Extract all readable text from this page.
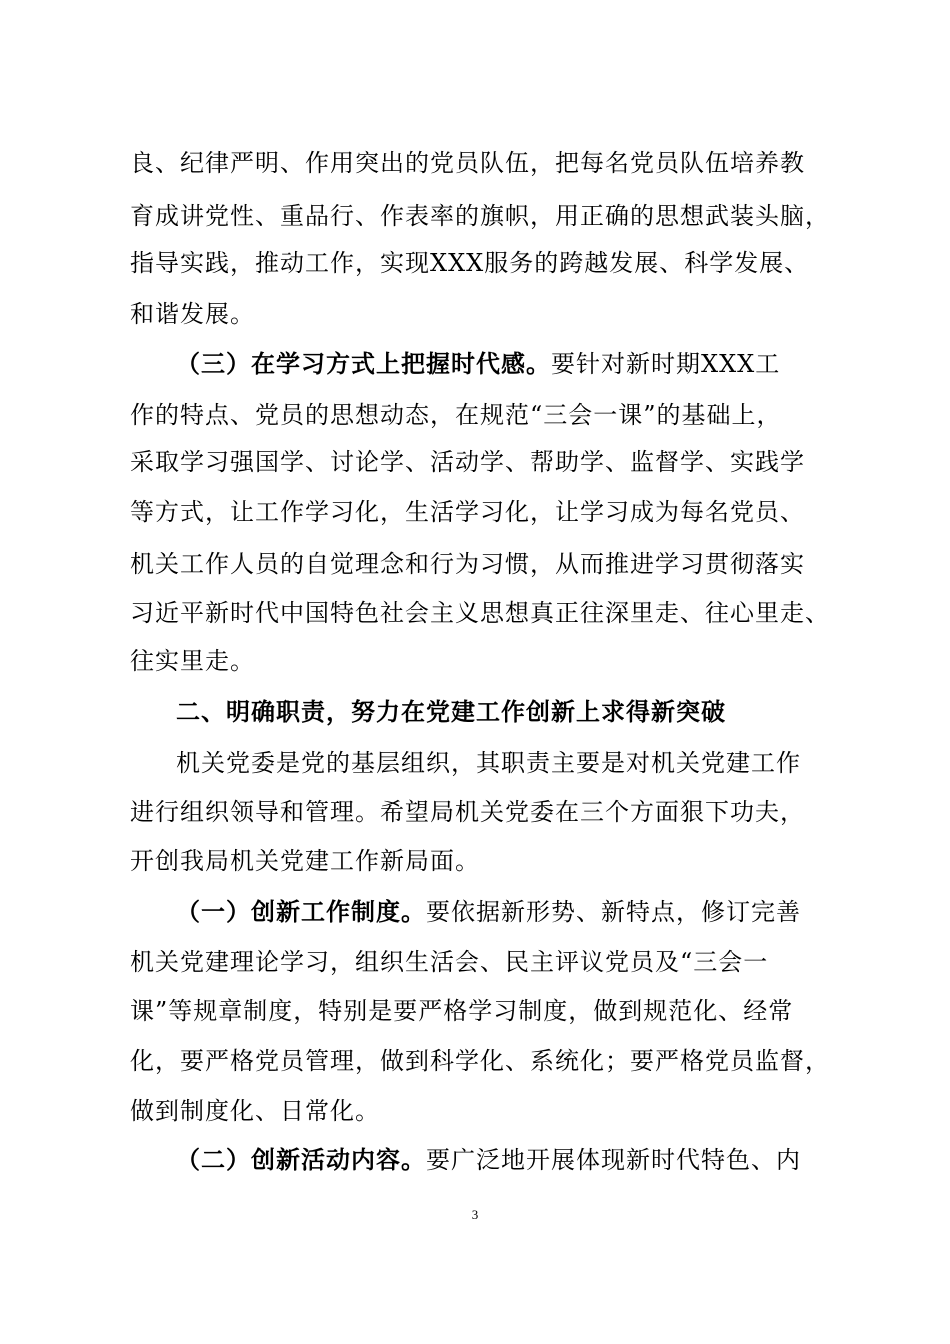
良、纪律严明、作用突出的党员队伍，把每名党员队伍培养教
育成讲党性、重品行、作表率的旗帜，用正确的思想武装头脑，
指导实践，推动工作，实现XXX服务的跨越发展、科学发展、
和谐发展。
（三）在学习方式上把握时代感。要针对新时期XXX工
作的特点、党员的思想动态，在规范“三会一课”的基础上，
采取学习强国学、讨论学、活动学、帮助学、监督学、实践学
等方式，让工作学习化，生活学习化，让学习成为每名党员、
机关工作人员的自觉理念和行为习惯，从而推进学习贯彻落实
习近平新时代中国特色社会主义思想真正往深里走、往心里走、
往实里走。
二、明确职责，努力在党建工作创新上求得新突破
机关党委是党的基层组织，其职责主要是对机关党建工作
进行组织领导和管理。希望局机关党委在三个方面狠下功夫，
开创我局机关党建工作新局面。
（一）创新工作制度。要依据新形势、新特点，修订完善
机关党建理论学习，组织生活会、民主评议党员及“三会一
课”等规章制度，特别是要严格学习制度，做到规范化、经常
化，要严格党员管理，做到科学化、系统化；要严格党员监督，
做到制度化、日常化。
（二）创新活动内容。要广泛地开展体现新时代特色、内
3
